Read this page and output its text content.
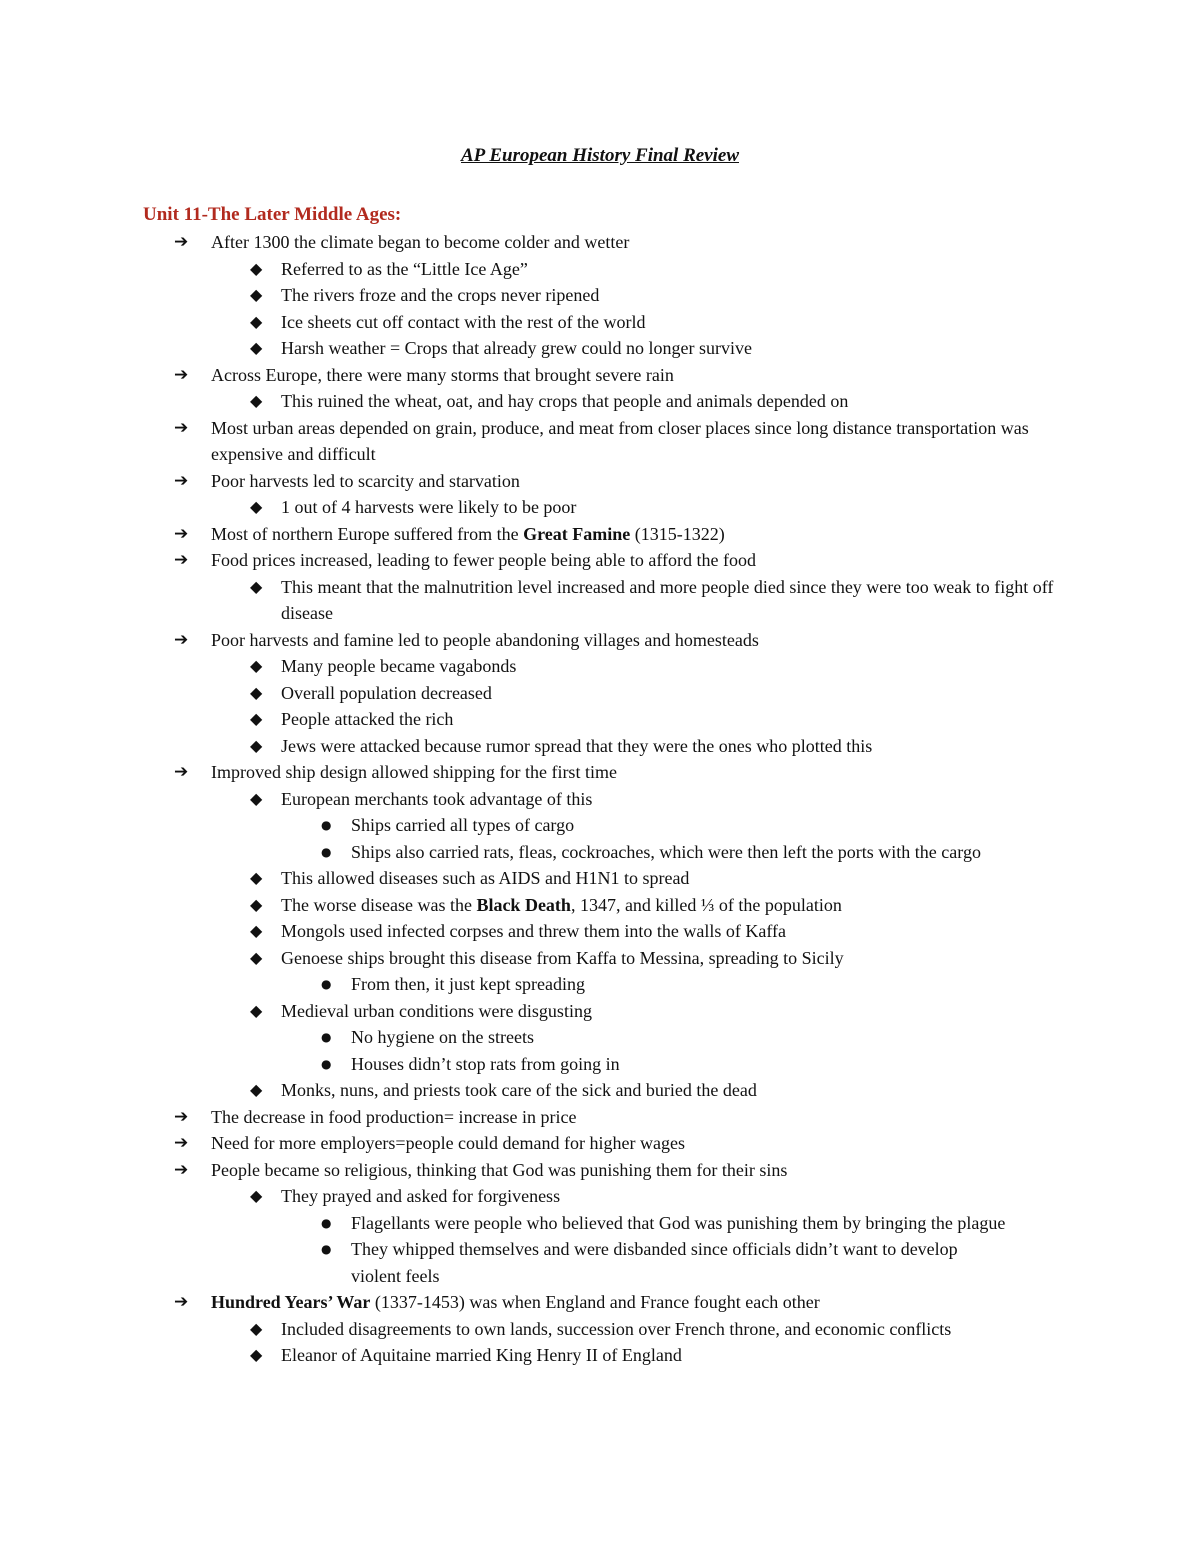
AP European History Final Review
Unit 11-The Later Middle Ages:
➔ After 1300 the climate began to become colder and wetter
◆ Referred to as the “Little Ice Age”
◆ The rivers froze and the crops never ripened
◆ Ice sheets cut off contact with the rest of the world
◆ Harsh weather = Crops that already grew could no longer survive
➔ Across Europe, there were many storms that brought severe rain
◆ This ruined the wheat, oat, and hay crops that people and animals depended on
➔ Most urban areas depended on grain, produce, and meat from closer places since long distance transportation was expensive and difficult
➔ Poor harvests led to scarcity and starvation
◆ 1 out of 4 harvests were likely to be poor
➔ Most of northern Europe suffered from the Great Famine (1315-1322)
➔ Food prices increased, leading to fewer people being able to afford the food
◆ This meant that the malnutrition level increased and more people died since they were too weak to fight off disease
➔ Poor harvests and famine led to people abandoning villages and homesteads
◆ Many people became vagabonds
◆ Overall population decreased
◆ People attacked the rich
◆ Jews were attacked because rumor spread that they were the ones who plotted this
➔ Improved ship design allowed shipping for the first time
◆ European merchants took advantage of this
● Ships carried all types of cargo
● Ships also carried rats, fleas, cockroaches, which were then left the ports with the cargo
◆ This allowed diseases such as AIDS and H1N1 to spread
◆ The worse disease was the Black Death, 1347, and killed ⅓ of the population
◆ Mongols used infected corpses and threw them into the walls of Kaffa
◆ Genoese ships brought this disease from Kaffa to Messina, spreading to Sicily
● From then, it just kept spreading
◆ Medieval urban conditions were disgusting
● No hygiene on the streets
● Houses didn’t stop rats from going in
◆ Monks, nuns, and priests took care of the sick and buried the dead
➔ The decrease in food production= increase in price
➔ Need for more employers=people could demand for higher wages
➔ People became so religious, thinking that God was punishing them for their sins
◆ They prayed and asked for forgiveness
● Flagellants were people who believed that God was punishing them by bringing the plague
● They whipped themselves and were disbanded since officials didn’t want to develop violent feels
➔ Hundred Years’ War (1337-1453) was when England and France fought each other
◆ Included disagreements to own lands, succession over French throne, and economic conflicts
◆ Eleanor of Aquitaine married King Henry II of England
